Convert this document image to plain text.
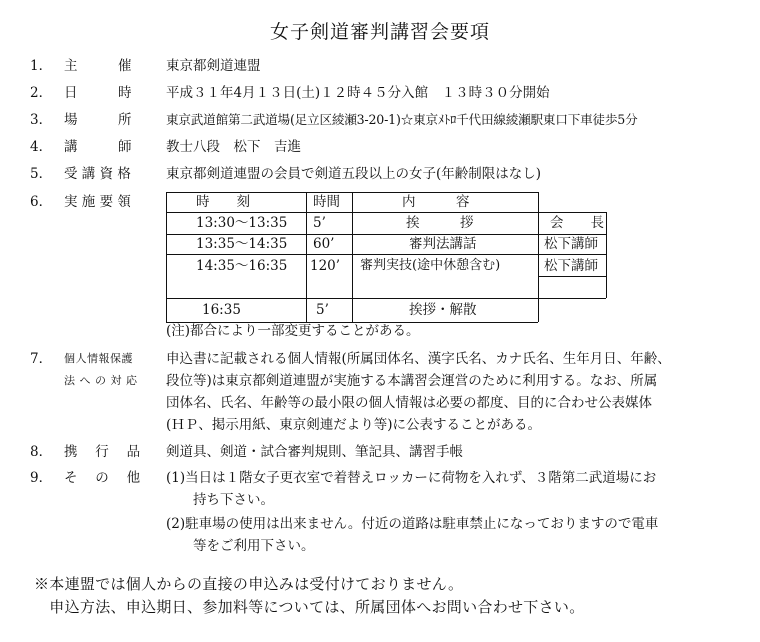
女子剣道審判講習会要項
1． 主　　　催	東京都剣道連盟
2． 日　　　時	平成３１年4月１３日(土)１２時４５分入館　１３時３０分開始
3． 場　　　所	東京武道館第二武道場(足立区綾瀬3-20-1)☆東京ﾒﾄﾛ千代田線綾瀬駅東口下車徒歩5分
4． 講　　　師	教士八段　松下　吉進
5． 受 講 資 格	東京都剣道連盟の会員で剣道五段以上の女子(年齢制限はなし)
6． 実 施 要 領	時　　刻	時間	内　　　容
13:30〜13:35 5’	挨　　　拶	会　　長
13:35〜14:35 60’	審判法講話	松下講師
14:35〜16:35 120’ 審判実技(途中休憩含む)	松下講師
16:35	5’	挨拶・解散
(注)都合により一部変更することがある。
7． 個人情報保護
法 へ の 対 応
申込書に記載される個人情報(所属団体名、漢字氏名、カナ氏名、生年月日、年齢、
段位等)は東京都剣道連盟が実施する本講習会運営のために利用する。なお、所属
団体名、氏名、年齢等の最小限の個人情報は必要の都度、目的に合わせ公表媒体
(ＨＰ、掲示用紙、東京剣連だより等)に公表することがある。
8． 携　 行　 品 剣道具、剣道・試合審判規則、筆記具、講習手帳
9． そ　 の　 他 (1)当日は１階女子更衣室で着替えロッカーに荷物を入れず、３階第二武道場にお
　　持ち下さい。
(2)駐車場の使用は出来ません。付近の道路は駐車禁止になっておりますので電車
　　等をご利用下さい。
※本連盟では個人からの直接の申込みは受付けておりません。
　申込方法、申込期日、参加料等については、所属団体へお問い合わせ下さい。
